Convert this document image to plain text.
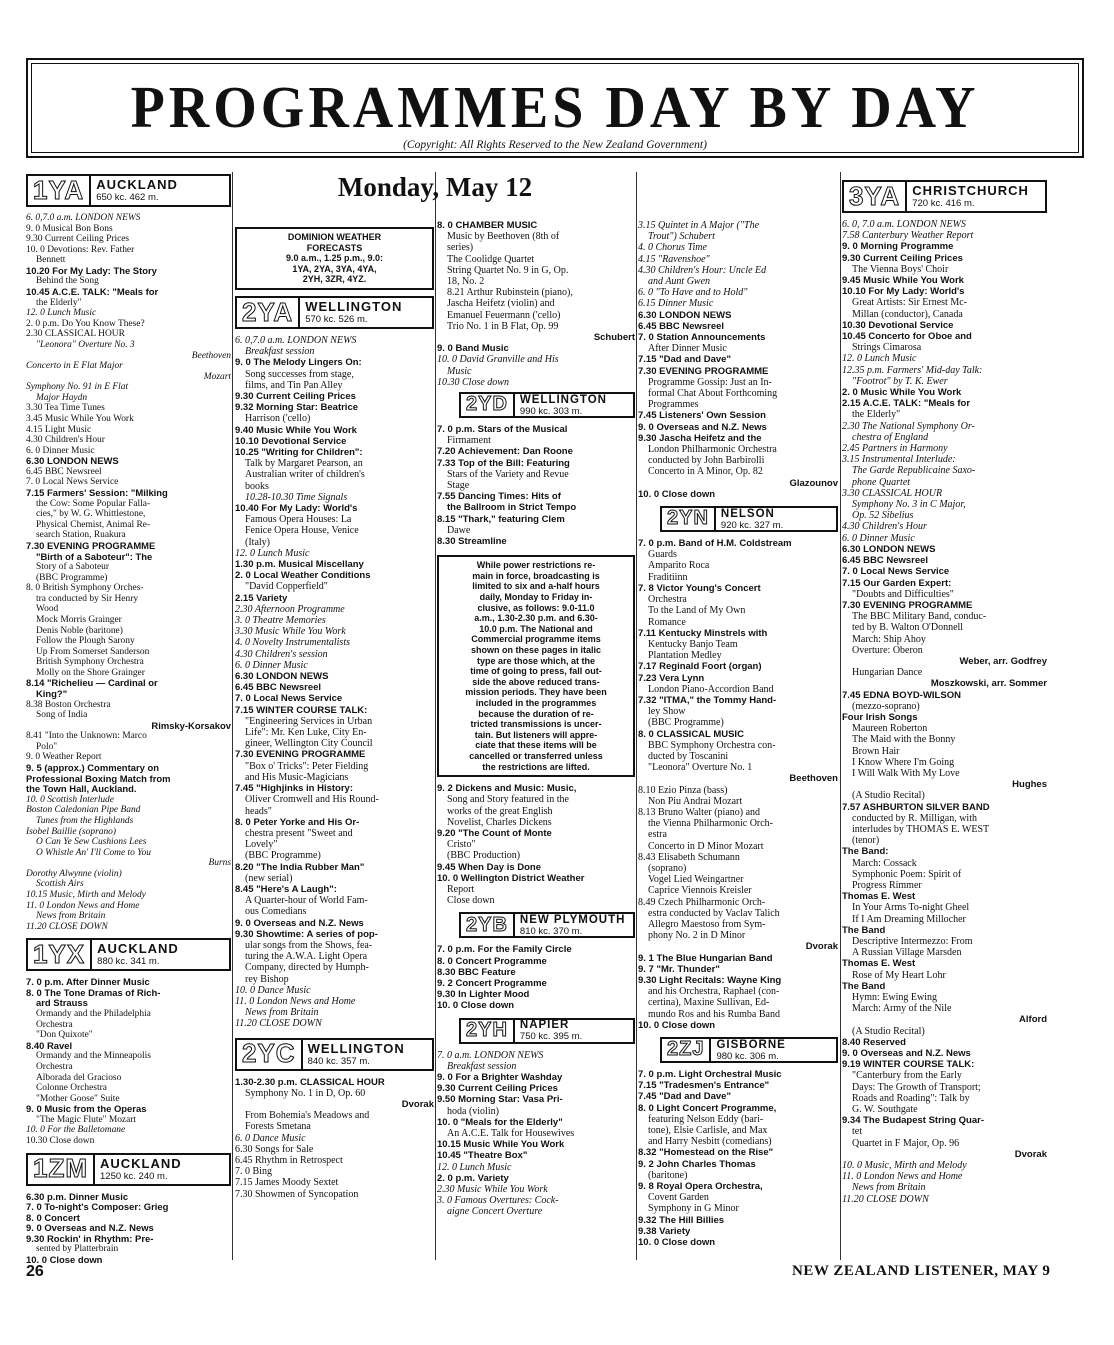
PROGRAMMES DAY BY DAY
(Copyright: All Rights Reserved to the New Zealand Government)
1YA AUCKLAND
650 kc. 462 m.
6. 0,7.0 a.m. LONDON NEWS
9. 0 Musical Bon Bons
9.30 Current Ceiling Prices
10. 0 Devotions: Rev. Father
Bennett
10.20 For My Lady: The Story
Behind the Song
10.45 A.C.E. TALK: "Meals for
the Elderly"
12. 0 Lunch Music
2. 0 p.m. Do You Know These?
2.30 CLASSICAL HOUR
"Leonora" Overture No. 3
Beethoven
Concerto in E Flat Major
Mozart
Symphony No. 91 in E Flat
Major Haydn
3.30 Tea Time Tunes
3.45 Music While You Work
4.15 Light Music
4.30 Children's Hour
6. 0 Dinner Music
6.30 LONDON NEWS
6.45 BBC Newsreel
7. 0 Local News Service
7.15 Farmers' Session: "Milking
the Cow: Some Popular Falla-
cies," by W. G. Whittlestone,
Physical Chemist, Animal Re-
search Station, Ruakura
7.30 EVENING PROGRAMME
"Birth of a Saboteur": The
Story of a Saboteur
(BBC Programme)
8. 0 British Symphony Orches-
tra conducted by Sir Henry
Wood
Mock Morris Grainger
Denis Noble (baritone)
Follow the Plough Sarony
Up From Somerset Sanderson
British Symphony Orchestra
Molly on the Shore Grainger
8.14 "Richelieu — Cardinal or
King?"
8.38 Boston Orchestra
Song of India
Rimsky-Korsakov
8.41 "Into the Unknown: Marco
Polo"
9. 0 Weather Report
9. 5 (approx.) Commentary on
Professional Boxing Match from
the Town Hall, Auckland.
10. 0 Scottish Interlude
Boston Caledonian Pipe Band
Tunes from the Highlands
Isobel Baillie (soprano)
O Can Ye Sew Cushions Lees
O Whistle An' I'll Come to You
Burns
Dorothy Alwynne (violin)
Scottish Airs
10.15 Music, Mirth and Melody
11. 0 London News and Home
News from Britain
11.20 CLOSE DOWN
1YX AUCKLAND
880 kc. 341 m.
7. 0 p.m. After Dinner Music
8. 0 The Tone Dramas of Rich-
ard Strauss
Ormandy and the Philadelphia
Orchestra
"Don Quixote"
8.40 Ravel
Ormandy and the Minneapolis
Orchestra
Alborada del Gracioso
Colonne Orchestra
"Mother Goose" Suite
9. 0 Music from the Operas
"The Magic Flute" Mozart
10. 0 For the Balletomane
10.30 Close down
1ZM AUCKLAND
1250 kc. 240 m.
6.30 p.m. Dinner Music
7. 0 To-night's Composer: Grieg
8. 0 Concert
9. 0 Overseas and N.Z. News
9.30 Rockin' in Rhythm: Pre-
sented by Platterbrain
10. 0 Close down
DOMINION WEATHER
FORECASTS
9.0 a.m., 1.25 p.m., 9.0:
1YA, 2YA, 3YA, 4YA,
2YH, 3ZR, 4YZ.
2YA WELLINGTON
570 kc. 526 m.
6. 0,7.0 a.m. LONDON NEWS
Breakfast session
9. 0 The Melody Lingers On:
Song successes from stage,
films, and Tin Pan Alley
9.30 Current Ceiling Prices
9.32 Morning Star: Beatrice
Harrison ('cello)
9.40 Music While You Work
10.10 Devotional Service
10.25 "Writing for Children":
Talk by Margaret Pearson, an
Australian writer of children's
books
10.28-10.30 Time Signals
10.40 For My Lady: World's
Famous Opera Houses: La
Fenice Opera House, Venice
(Italy)
12. 0 Lunch Music
1.30 p.m. Musical Miscellany
2. 0 Local Weather Conditions
"David Copperfield"
2.15 Variety
2.30 Afternoon Programme
3. 0 Theatre Memories
3.30 Music While You Work
4. 0 Novelty Instrumentalists
4.30 Children's session
6. 0 Dinner Music
6.30 LONDON NEWS
6.45 BBC Newsreel
7. 0 Local News Service
7.15 WINTER COURSE TALK:
"Engineering Services in Urban
Life": Mr. Ken Luke, City En-
gineer, Wellington City Council
7.30 EVENING PROGRAMME
"Box o' Tricks": Peter Fielding
and His Music-Magicians
7.45 "Highjinks in History:
Oliver Cromwell and His Round-
heads"
8. 0 Peter Yorke and His Or-
chestra present "Sweet and
Lovely"
(BBC Programme)
8.20 "The India Rubber Man"
(new serial)
8.45 "Here's A Laugh":
A Quarter-hour of World Fam-
ous Comedians
9. 0 Overseas and N.Z. News
9.30 Showtime: A series of pop-
ular songs from the Shows, fea-
turing the A.W.A. Light Opera
Company, directed by Humph-
rey Bishop
10. 0 Dance Music
11. 0 London News and Home
News from Britain
11.20 CLOSE DOWN
2YC WELLINGTON
840 kc. 357 m.
1.30-2.30 p.m. CLASSICAL HOUR
Symphony No. 1 in D, Op. 60
Dvorak
From Bohemia's Meadows and
Forests Smetana
6. 0 Dance Music
6.30 Songs for Sale
6.45 Rhythm in Retrospect
7. 0 Bing
7.15 James Moody Sextet
7.30 Showmen of Syncopation
Monday, May 12
8. 0 CHAMBER MUSIC
Music by Beethoven (8th of
series)
The Coolidge Quartet
String Quartet No. 9 in G, Op.
18, No. 2
8.21 Arthur Rubinstein (piano),
Jascha Heifetz (violin) and
Emanuel Feuermann ('cello)
Trio No. 1 in B Flat, Op. 99
Schubert
9. 0 Band Music
10. 0 David Granville and His
Music
10.30 Close down
2YD	WELLINGTON
990 kc. 303 m.
7. 0 p.m. Stars of the Musical
Firmament
7.20 Achievement: Dan Roone
7.33 Top of the Bill: Featuring
Stars of the Variety and Revue
Stage
7.55 Dancing Times: Hits of
the Ballroom in Strict Tempo
8.15 "Thark," featuring Clem
Dawe
8.30 Streamline
While power restrictions re-
main in force, broadcasting is
limited to six and a-half hours
daily, Monday to Friday in-
clusive, as follows: 9.0-11.0
a.m., 1.30-2.30 p.m. and 6.30-
10.0 p.m. The National and
Commercial programme items
shown on these pages in italic
type are those which, at the
time of going to press, fall out-
side the above reduced trans-
mission periods. They have been
included in the programmes
because the duration of re-
tricted transmissions is uncer-
tain. But listeners will appre-
ciate that these items will be
cancelled or transferred unless
the restrictions are lifted.
9. 2 Dickens and Music: Music,
Song and Story featured in the
works of the great English
Novelist, Charles Dickens
9.20 "The Count of Monte
Cristo"
(BBC Production)
9.45 When Day is Done
10. 0 Wellington District Weather
Report
Close down
2YB	NEW PLYMOUTH
810 kc. 370 m.
7. 0 p.m. For the Family Circle
8. 0 Concert Programme
8.30 BBC Feature
9. 2 Concert Programme
9.30 In Lighter Mood
10. 0 Close down
2YH	NAPIER
750 kc. 395 m.
7. 0 a.m. LONDON NEWS
Breakfast session
9. 0 For a Brighter Washday
9.30 Current Ceiling Prices
9.50 Morning Star: Vasa Pri-
hoda (violin)
10. 0 "Meals for the Elderly"
An A.C.E. Talk for Housewives
10.15 Music While You Work
10.45 "Theatre Box"
12. 0 Lunch Music
2. 0 p.m. Variety
2.30 Music While You Work
3. 0 Famous Overtures: Cock-
aigne Concert Overture
3.15 Quintet in A Major ("The
Trout") Schubert
4. 0 Chorus Time
4.15 "Ravenshoe"
4.30 Children's Hour: Uncle Ed
and Aunt Gwen
6. 0 "To Have and to Hold"
6.15 Dinner Music
6.30 LONDON NEWS
6.45 BBC Newsreel
7. 0 Station Announcements
After Dinner Music
7.15 "Dad and Dave"
7.30 EVENING PROGRAMME
Programme Gossip: Just an In-
formal Chat About Forthcoming
Programmes
7.45 Listeners' Own Session
9. 0 Overseas and N.Z. News
9.30 Jascha Heifetz and the
London Philharmonic Orchestra
conducted by John Barbirolli
Concerto in A Minor, Op. 82
Glazounov
10. 0 Close down
2YN	NELSON
920 kc. 327 m.
7. 0 p.m. Band of H.M. Coldstream
Guards
Amparito Roca
Fraditiinn
7. 8 Victor Young's Concert
Orchestra
To the Land of My Own
Romance
7.11 Kentucky Minstrels with
Kentucky Banjo Team
Plantation Medley
7.17 Reginald Foort (organ)
7.23 Vera Lynn
London Piano-Accordion Band
7.32 "ITMA," the Tommy Hand-
ley Show
(BBC Programme)
8. 0 CLASSICAL MUSIC
BBC Symphony Orchestra con-
ducted by Toscanini
"Leonora" Overture No. 1
Beethoven
8.10 Ezio Pinza (bass)
Non Piu Andrai Mozart
8.13 Bruno Walter (piano) and
the Vienna Philharmonic Orch-
estra
Concerto in D Minor Mozart
8.43 Elisabeth Schumann
(soprano)
Vogel Lied Weingartner
Caprice Viennois Kreisler
8.49 Czech Philharmonic Orch-
estra conducted by Vaclav Talich
Allegro Maestoso from Sym-
phony No. 2 in D Minor
Dvorak
9. 1 The Blue Hungarian Band
9. 7 "Mr. Thunder"
9.30 Light Recitals: Wayne King
and his Orchestra, Raphael (con-
certina), Maxine Sullivan, Ed-
mundo Ros and his Rumba Band
10. 0 Close down
2ZJ	GISBORNE
980 kc. 306 m.
7. 0 p.m. Light Orchestral Music
7.15 "Tradesmen's Entrance"
7.45 "Dad and Dave"
8. 0 Light Concert Programme,
featuring Nelson Eddy (bari-
tone), Elsie Carlisle, and Max
and Harry Nesbitt (comedians)
8.32 "Homestead on the Rise"
9. 2 John Charles Thomas
(baritone)
9. 8 Royal Opera Orchestra,
Covent Garden
Symphony in G Minor
9.32 The Hill Billies
9.38 Variety
10. 0 Close down
3YA CHRISTCHURCH
720 kc. 416 m.
6. 0, 7.0 a.m. LONDON NEWS
7.58 Canterbury Weather Report
9. 0 Morning Programme
9.30 Current Ceiling Prices
The Vienna Boys' Choir
9.45 Music While You Work
10.10 For My Lady: World's
Great Artists: Sir Ernest Mc-
Millan (conductor), Canada
10.30 Devotional Service
10.45 Concerto for Oboe and
Strings Cimarosa
12. 0 Lunch Music
12.35 p.m. Farmers' Mid-day Talk:
"Footrot" by T. K. Ewer
2. 0 Music While You Work
2.15 A.C.E. TALK: "Meals for
the Elderly"
2.30 The National Symphony Or-
chestra of England
2.45 Partners in Harmony
3.15 Instrumental Interlude:
The Garde Republicaine Saxo-
phone Quartet
3.30 CLASSICAL HOUR
Symphony No. 3 in C Major,
Op. 52 Sibelius
4.30 Children's Hour
6. 0 Dinner Music
6.30 LONDON NEWS
6.45 BBC Newsreel
7. 0 Local News Service
7.15 Our Garden Expert:
"Doubts and Difficulties"
7.30 EVENING PROGRAMME
The BBC Military Band, conduc-
ted by B. Walton O'Donnell
March: Ship Ahoy
Overture: Oberon
Weber, arr. Godfrey
Hungarian Dance
Moszkowski, arr. Sommer
7.45 EDNA BOYD-WILSON
(mezzo-soprano)
Four Irish Songs
Maureen Roberton
The Maid with the Bonny
Brown Hair
I Know Where I'm Going
I Will Walk With My Love
Hughes
(A Studio Recital)
7.57 ASHBURTON SILVER BAND
conducted by R. Milligan, with
interludes by THOMAS E. WEST
(tenor)
The Band:
March: Cossack
Symphonic Poem: Spirit of
Progress Rimmer
Thomas E. West
In Your Arms To-night Gheel
If I Am Dreaming Millocher
The Band
Descriptive Intermezzo: From
A Russian Village Marsden
Thomas E. West
Rose of My Heart Lohr
The Band
Hymn: Ewing Ewing
March: Army of the Nile
Alford
(A Studio Recital)
8.40 Reserved
9. 0 Overseas and N.Z. News
9.19 WINTER COURSE TALK:
"Canterbury from the Early
Days: The Growth of Transport;
Roads and Roading": Talk by
G. W. Southgate
9.34 The Budapest String Quar-
tet
Quartet in F Major, Op. 96
Dvorak
10. 0 Music, Mirth and Melody
11. 0 London News and Home
News from Britain
11.20 CLOSE DOWN
26	NEW ZEALAND LISTENER, MAY 9
